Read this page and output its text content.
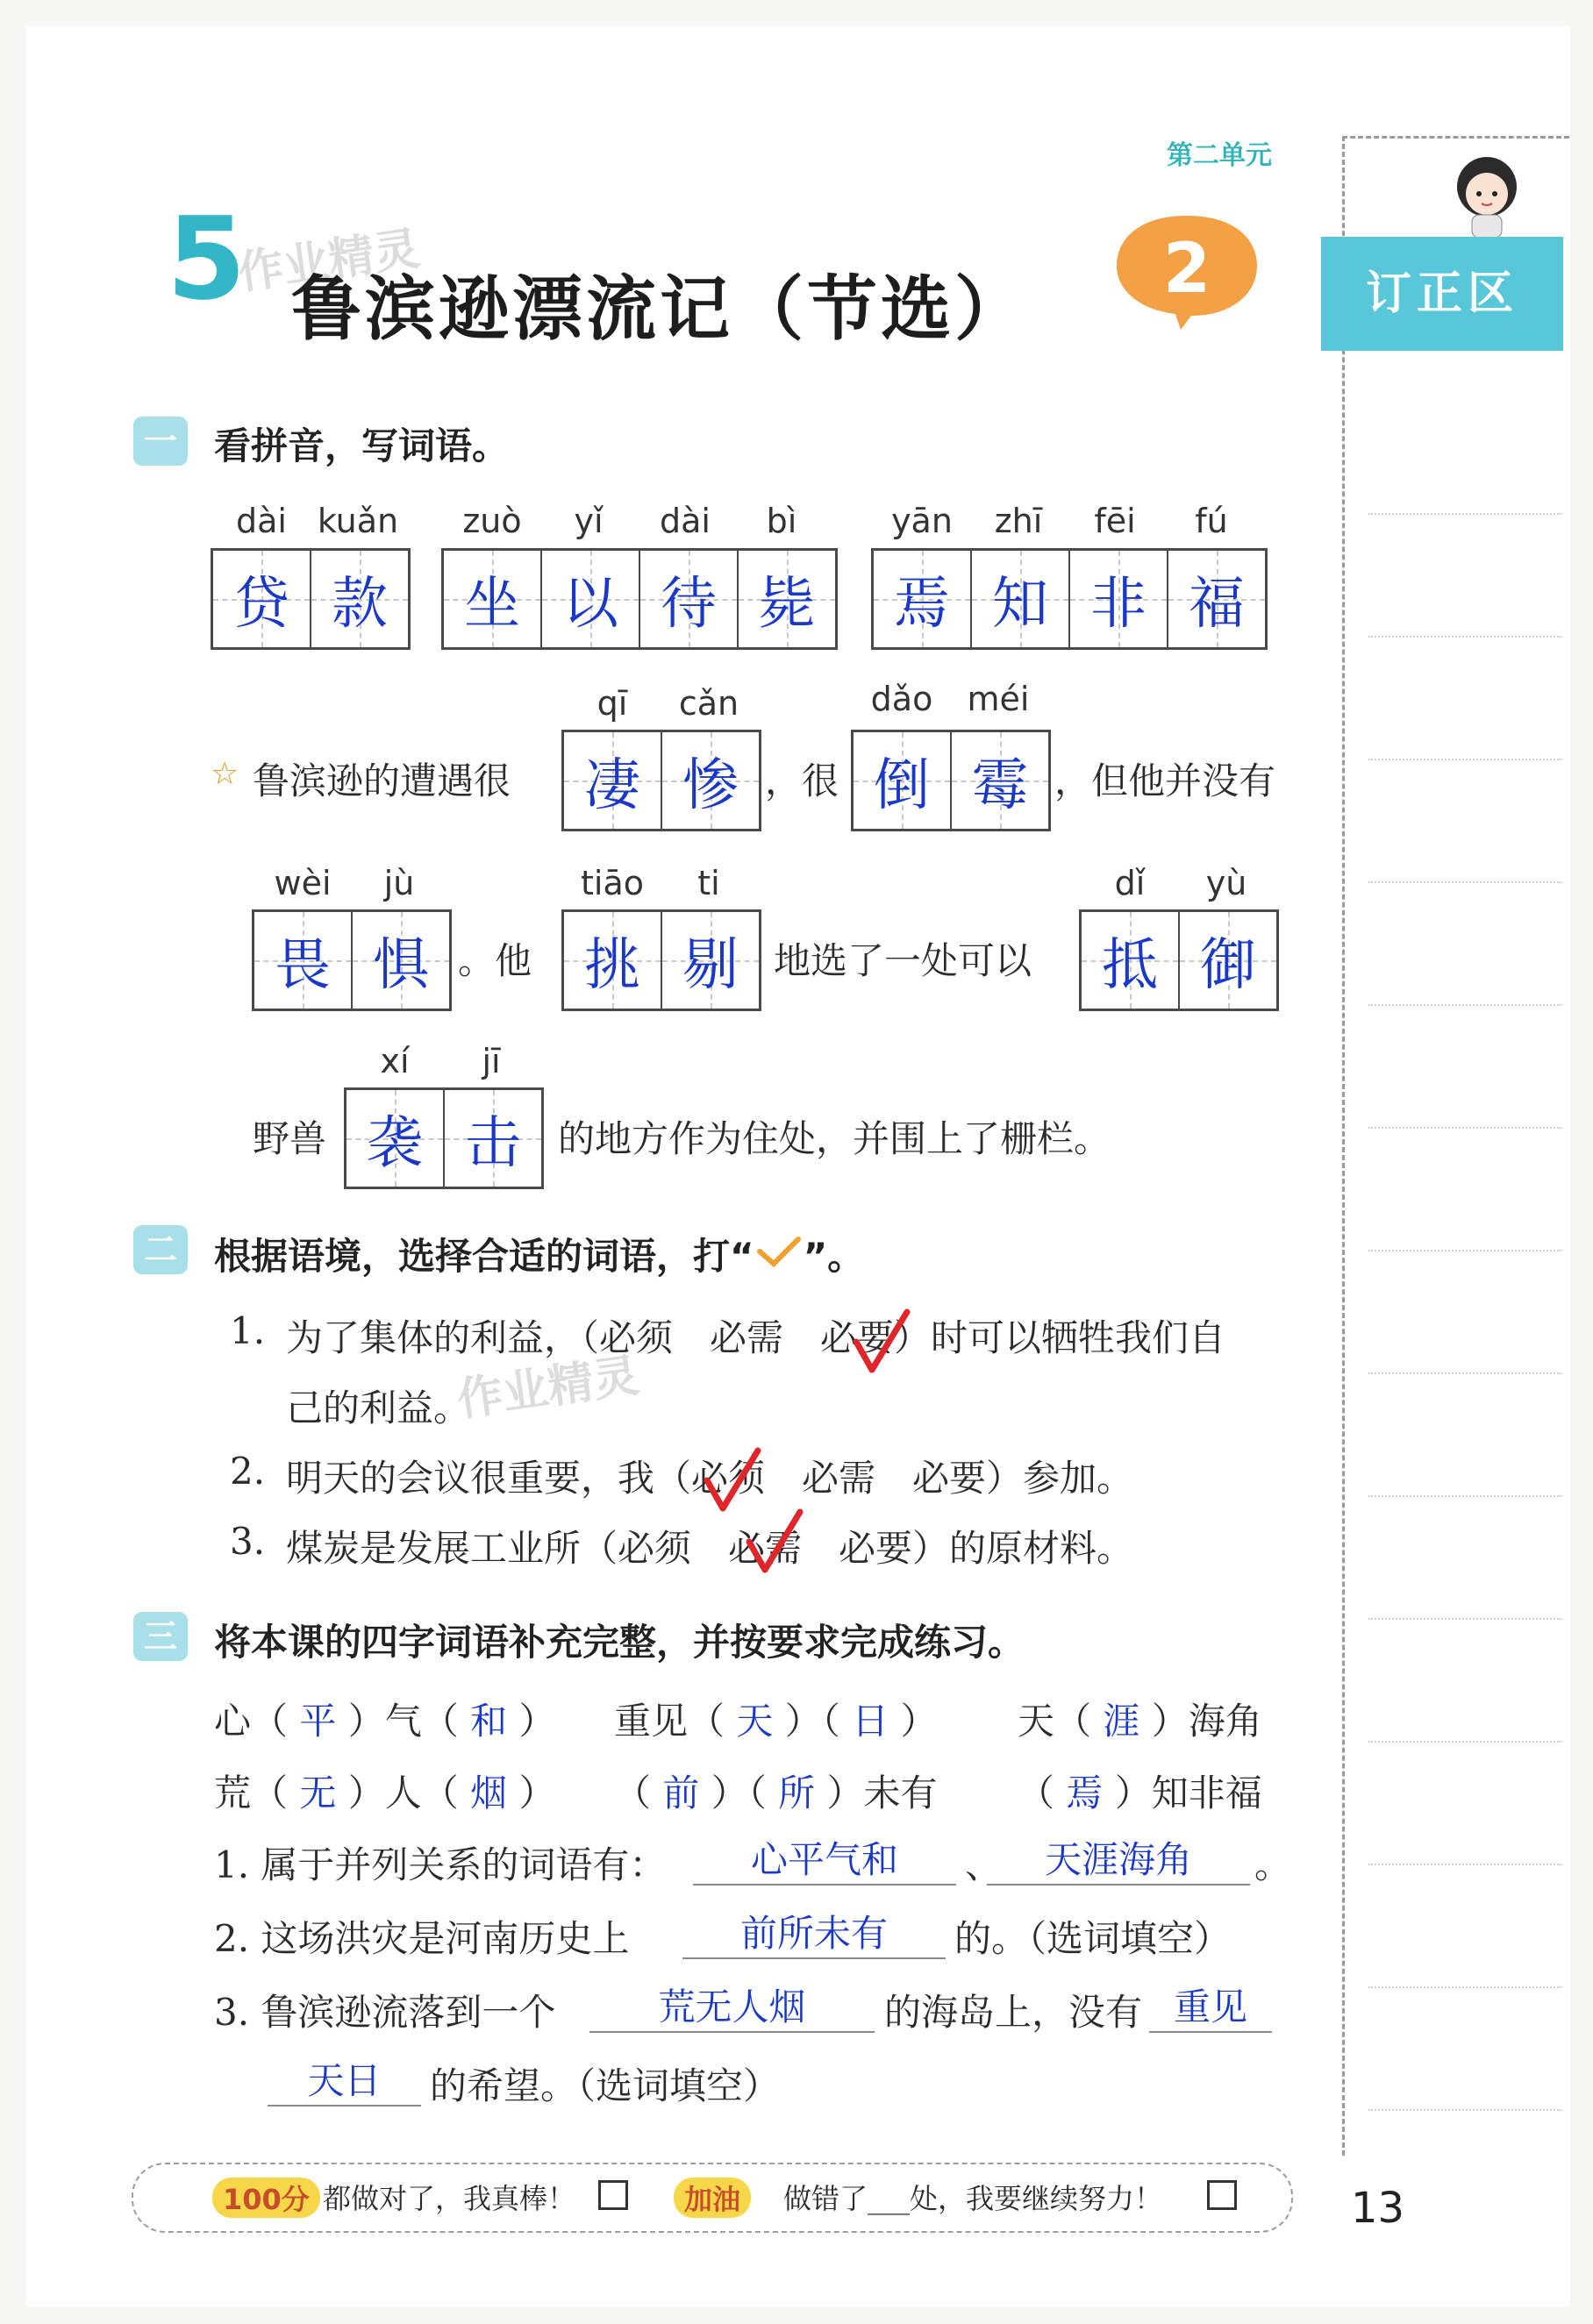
第二单元
5
作业精灵
鲁滨逊漂流记（节选） 2	订正区
一 看拼音，写词语。
dài kuǎn	zuò	yǐ	dài	bì	yān	zhī	fēi	fú
贷 款 坐 以 待 毙 焉 知 非 福
qī	cǎn	dǎo	méi
☆ 鲁滨逊的遭遇很 凄 惨 ，很 倒 霉 ，但他并没有
wèi	jù	tiāo	ti	dǐ	yù
畏 惧 。他 挑 剔 地选了一处可以 抵 御
xí	jī
野兽 袭 击 的地方作为住处，并围上了栅栏。
二 根据语境，选择合适的词语，打“ ”。
1. 为了集体的利益，（必须　必需　必要）时可以牺牲我们自
己的利益。
2. 明天的会议很重要，我（必须　必需　必要）参加。
3. 煤炭是发展工业所（必须　必需　必要）的原材料。
作业精灵
三 将本课的四字词语补充完整，并按要求完成练习。
心（ 平 ）气（ 和 ） 重见（ 天 ）（ 日 ） 天（ 涯 ）海角
荒（ 无 ）人（ 烟 ） （ 前 ）（ 所 ）未有 （ 焉 ）知非福
1. 属于并列关系的词语有：	心平气和	、	天涯海角	。
2. 这场洪灾是河南历史上	前所未有	的。（选词填空）
3. 鲁滨逊流落到一个	荒无人烟	的海岛上，没有 重见
天日	的希望。（选词填空）
100分 都做对了，我真棒！	加油	做错了___处，我要继续努力！	13
